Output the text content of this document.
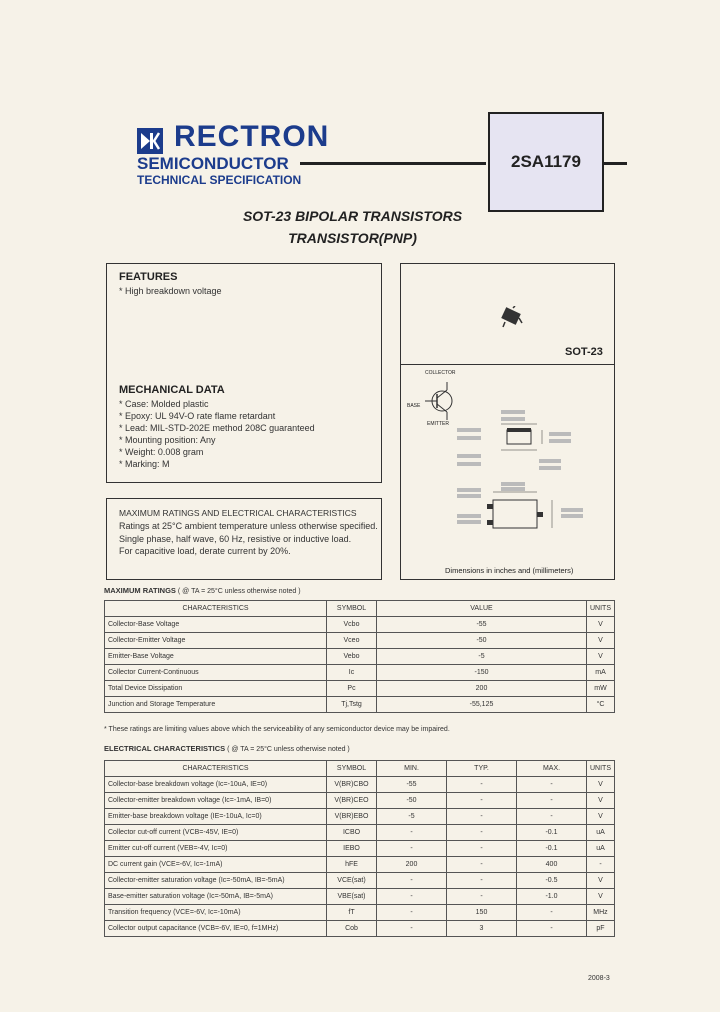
RECTRON
SEMICONDUCTOR
TECHNICAL SPECIFICATION
2SA1179
SOT-23 BIPOLAR TRANSISTORS
TRANSISTOR(PNP)
FEATURES
* High breakdown voltage
MECHANICAL DATA
* Case: Molded plastic
* Epoxy: UL 94V-O rate flame retardant
* Lead: MIL-STD-202E method 208C guaranteed
* Mounting position: Any
* Weight: 0.008 gram
* Marking: M
MAXIMUM RATINGS AND ELECTRICAL CHARACTERISTICS
Ratings at 25°C ambient temperature unless otherwise specified.
Single phase, half wave, 60 Hz, resistive or inductive load.
For capacitive load, derate current by 20%.
SOT-23
COLLECTOR
BASE
EMITTER
Dimensions in inches and (millimeters)
MAXIMUM RATINGS ( @ TA = 25°C unless otherwise noted )
CHARACTERISTICS	SYMBOL	VALUE	UNITS
Collector-Base Voltage	Vcbo	-55	V
Collector-Emitter Voltage	Vceo	-50	V
Emitter-Base Voltage	Vebo	-5	V
Collector Current-Continuous	Ic	-150	mA
Total Device Dissipation	Pc	200	mW
Junction and Storage Temperature	Tj,Tstg	-55,125	°C
* These ratings are limiting values above which the serviceability of any semiconductor device may be impaired.
ELECTRICAL CHARACTERISTICS ( @ TA = 25°C unless otherwise noted )
CHARACTERISTICS	SYMBOL	MIN.	TYP.	MAX.	UNITS
Collector-base breakdown voltage (Ic=-10uA, IE=0)	V(BR)CBO	-55	-	-	V
Collector-emitter breakdown voltage (Ic=-1mA, IB=0)	V(BR)CEO	-50	-	-	V
Emitter-base breakdown voltage (IE=-10uA, Ic=0)	V(BR)EBO	-5	-	-	V
Collector cut-off current (VCB=-45V, IE=0)	ICBO	-	-	-0.1	uA
Emitter cut-off current (VEB=-4V, Ic=0)	IEBO	-	-	-0.1	uA
DC current gain (VCE=-6V, Ic=-1mA)	hFE	200	-	400	-
Collector-emitter saturation voltage (Ic=-50mA, IB=-5mA)	VCE(sat)	-	-	-0.5	V
Base-emitter saturation voltage (Ic=-50mA, IB=-5mA)	VBE(sat)	-	-	-1.0	V
Transition frequency (VCE=-6V, Ic=-10mA)	fT	-	150	-	MHz
Collector output capacitance (VCB=-6V, IE=0, f=1MHz)	Cob	-	3	-	pF
2008-3
